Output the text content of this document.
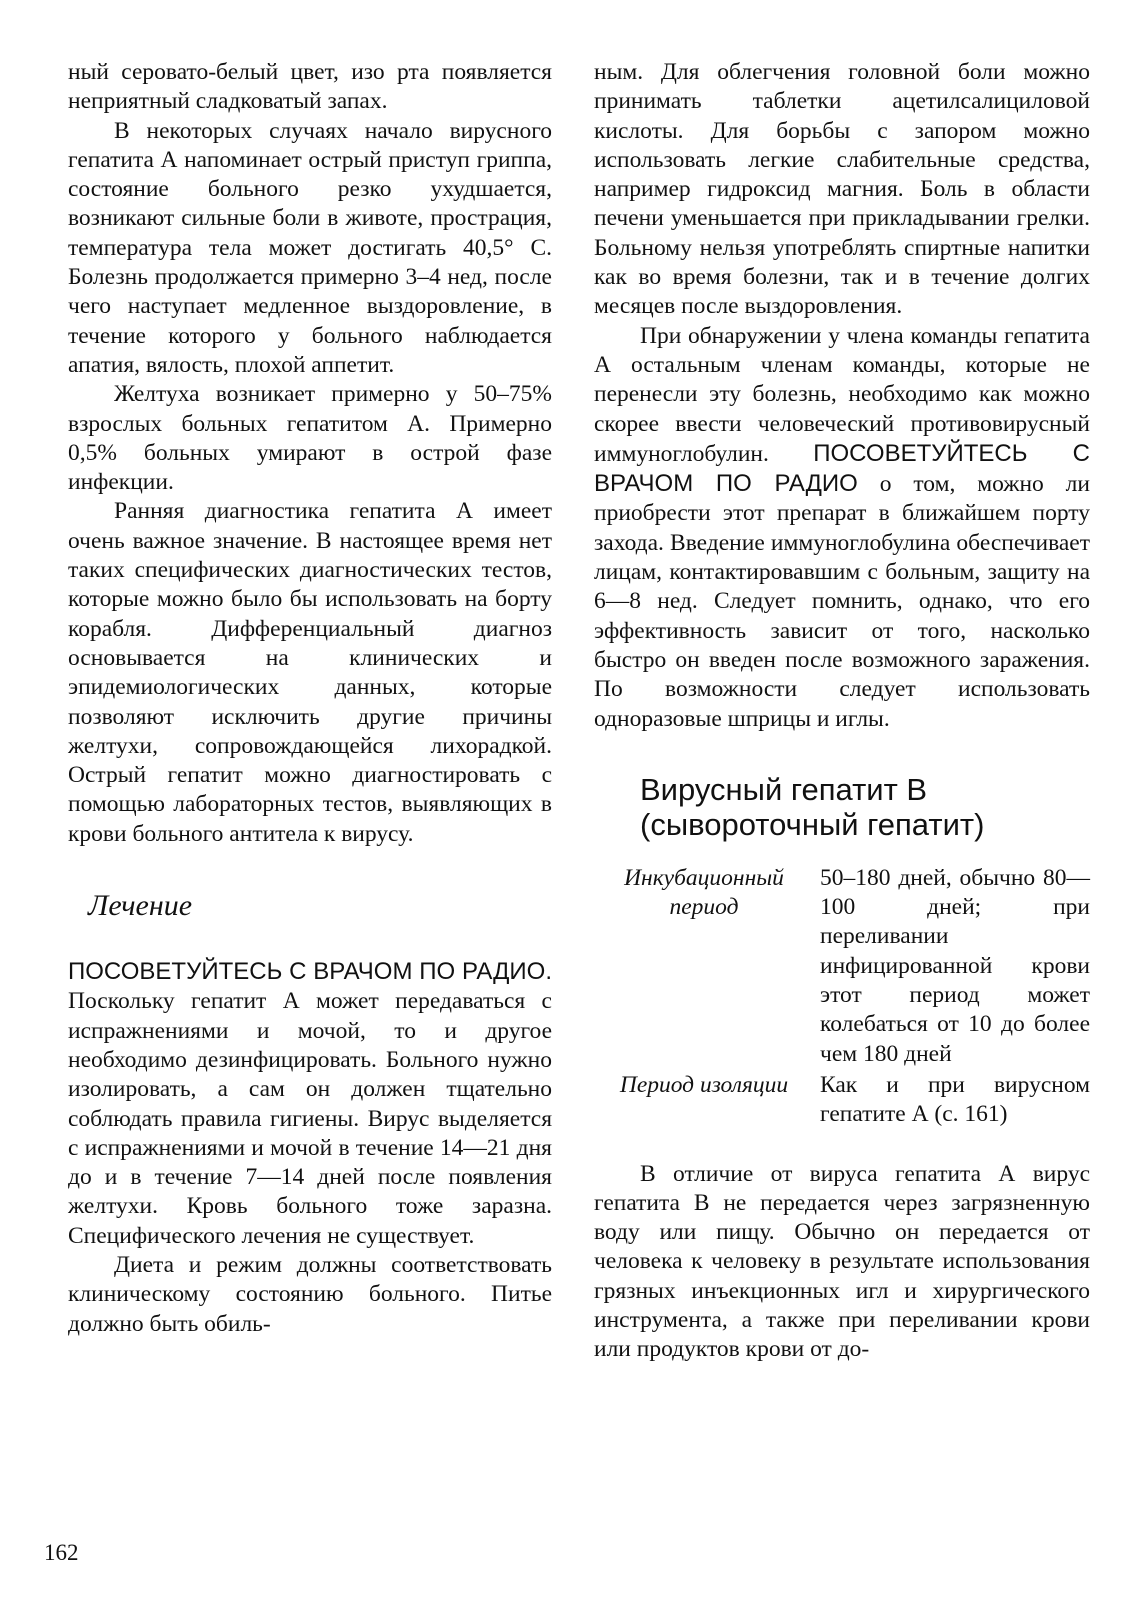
ный серовато-белый цвет, изо рта появляется неприятный сладковатый запах.

В некоторых случаях начало вирусного гепатита А напоминает острый приступ гриппа, состояние больного резко ухудшается, возникают сильные боли в животе, прострация, температура тела может достигать 40,5° С. Болезнь продолжается примерно 3–4 нед, после чего наступает медленное выздоровление, в течение которого у больного наблюдается апатия, вялость, плохой аппетит.

Желтуха возникает примерно у 50–75% взрослых больных гепатитом А. Примерно 0,5% больных умирают в острой фазе инфекции.

Ранняя диагностика гепатита А имеет очень важное значение. В настоящее время нет таких специфических диагностических тестов, которые можно было бы использовать на борту корабля. Дифференциальный диагноз основывается на клинических и эпидемиологических данных, которые позволяют исключить другие причины желтухи, сопровождающейся лихорадкой. Острый гепатит можно диагностировать с помощью лабораторных тестов, выявляющих в крови больного антитела к вирусу.

Лечение

ПОСОВЕТУЙТЕСЬ С ВРАЧОМ ПО РАДИО. Поскольку гепатит А может передаваться с испражнениями и мочой, то и другое необходимо дезинфицировать. Больного нужно изолировать, а сам он должен тщательно соблюдать правила гигиены. Вирус выделяется с испражнениями и мочой в течение 14—21 дня до и в течение 7—14 дней после появления желтухи. Кровь больного тоже заразна. Специфического лечения не существует.

Диета и режим должны соответствовать клиническому состоянию больного. Питье должно быть обиль-

ным. Для облегчения головной боли можно принимать таблетки ацетилсалициловой кислоты. Для борьбы с запором можно использовать легкие слабительные средства, например гидроксид магния. Боль в области печени уменьшается при прикладывании грелки. Больному нельзя употреблять спиртные напитки как во время болезни, так и в течение долгих месяцев после выздоровления.

При обнаружении у члена команды гепатита А остальным членам команды, которые не перенесли эту болезнь, необходимо как можно скорее ввести человеческий противовирусный иммуноглобулин. ПОСОВЕТУЙТЕСЬ С ВРАЧОМ ПО РАДИО о том, можно ли приобрести этот препарат в ближайшем порту захода. Введение иммуноглобулина обеспечивает лицам, контактировавшим с больным, защиту на 6—8 нед. Следует помнить, однако, что его эффективность зависит от того, насколько быстро он введен после возможного заражения. По возможности следует использовать одноразовые шприцы и иглы.

Вирусный гепатит В
(сывороточный гепатит)
Инкубационный период
50–180 дней, обычно 80—100 дней; при переливании инфицированной крови этот период может колебаться от 10 до более чем 180 дней
Период изоляции	Как и при вирусном гепатите А (с. 161)

В отличие от вируса гепатита А вирус гепатита В не передается через загрязненную воду или пищу. Обычно он передается от человека к человеку в результате использования грязных инъекционных игл и хирургического инструмента, а также при переливании крови или продуктов крови от до-

162
